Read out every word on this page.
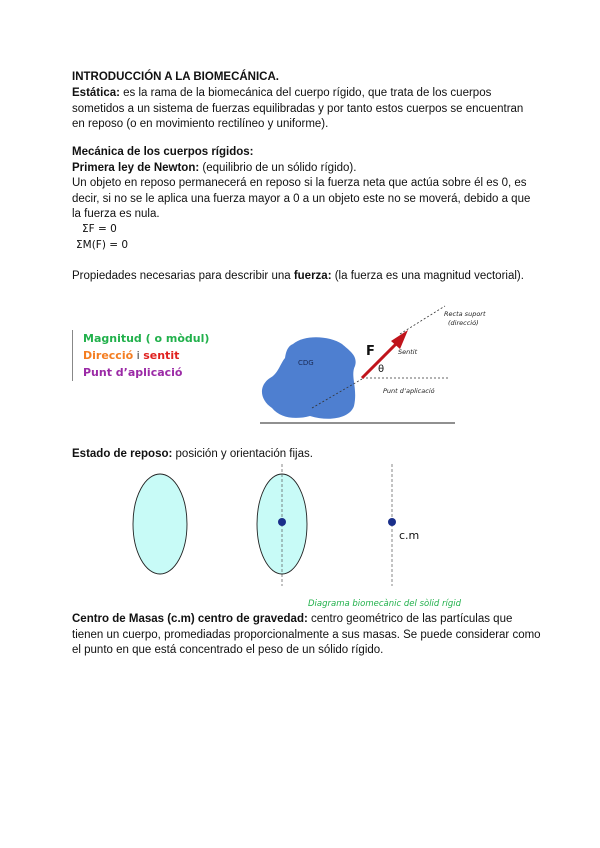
INTRODUCCIÓN A LA BIOMECÁNICA.
Estática: es la rama de la biomecánica del cuerpo rígido, que trata de los cuerpos sometidos a un sistema de fuerzas equilibradas y por tanto estos cuerpos se encuentran en reposo (o en movimiento rectilíneo y uniforme).
Mecánica de los cuerpos rígidos:
Primera ley de Newton: (equilibrio de un sólido rígido).
Un objeto en reposo permanecerá en reposo si la fuerza neta que actúa sobre él es 0, es decir, si no se le aplica una fuerza mayor a 0 a un objeto este no se moverá, debido a que la fuerza es nula.
ΣF = 0
ΣM(F) = 0
Propiedades necesarias para describir una fuerza: (la fuerza es una magnitud vectorial).
Magnitud ( o mòdul)
Direcció i sentit
Punt d’aplicació
CDG
F
θ
Recta suport
(direcció)
Sentit
Punt d’aplicació
Estado de reposo: posición y orientación fijas.
c.m
Diagrama biomecànic del sòlid rígid
Centro de Masas (c.m) centro de gravedad: centro geométrico de las partículas que tienen un cuerpo, promediadas proporcionalmente a sus masas. Se puede considerar como el punto en que está concentrado el peso de un sólido rígido.
